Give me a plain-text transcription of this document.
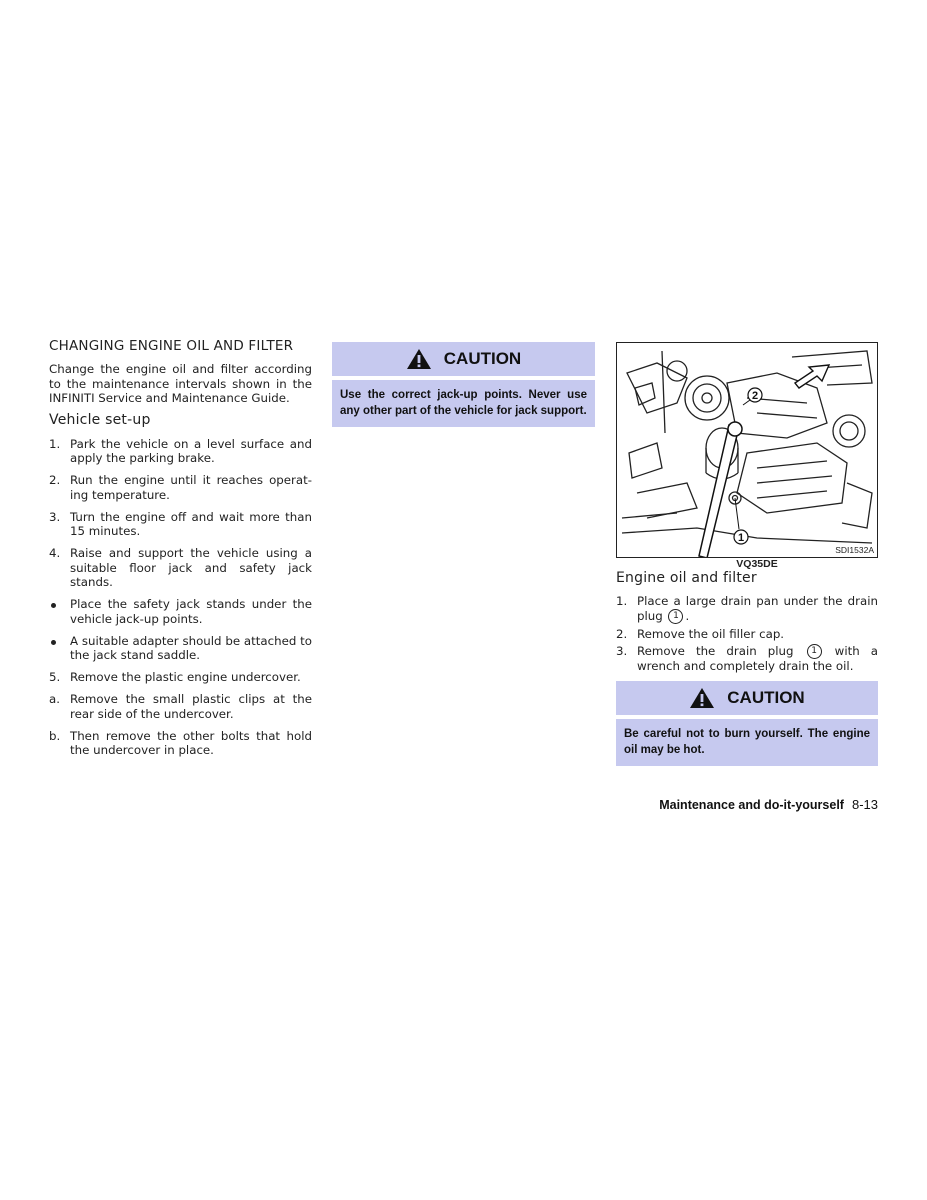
CHANGING ENGINE OIL AND FILTER

Change the engine oil and filter according to the maintenance intervals shown in the INFINITI Service and Maintenance Guide.

Vehicle set-up
1. Park the vehicle on a level surface and apply the parking brake.
2. Run the engine until it reaches operat-ing temperature.
3. Turn the engine off and wait more than 15 minutes.
4. Raise and support the vehicle using a suitable floor jack and safety jack stands.
Place the safety jack stands under the vehicle jack-up points.
A suitable adapter should be attached to the jack stand saddle.
5. Remove the plastic engine undercover.
a. Remove the small plastic clips at the rear side of the undercover.
b. Then remove the other bolts that hold the undercover in place.
CAUTION
Use the correct jack-up points. Never use any other part of the vehicle for jack support.
2
1
SDI1532A
VQ35DE
Engine oil and filter
1. Place a large drain pan under the drain plug 1 .
2. Remove the oil filler cap.
3. Remove the drain plug 1 with a wrench and completely drain the oil.
CAUTION
Be careful not to burn yourself. The engine oil may be hot.
Maintenance and do-it-yourself 8-13
